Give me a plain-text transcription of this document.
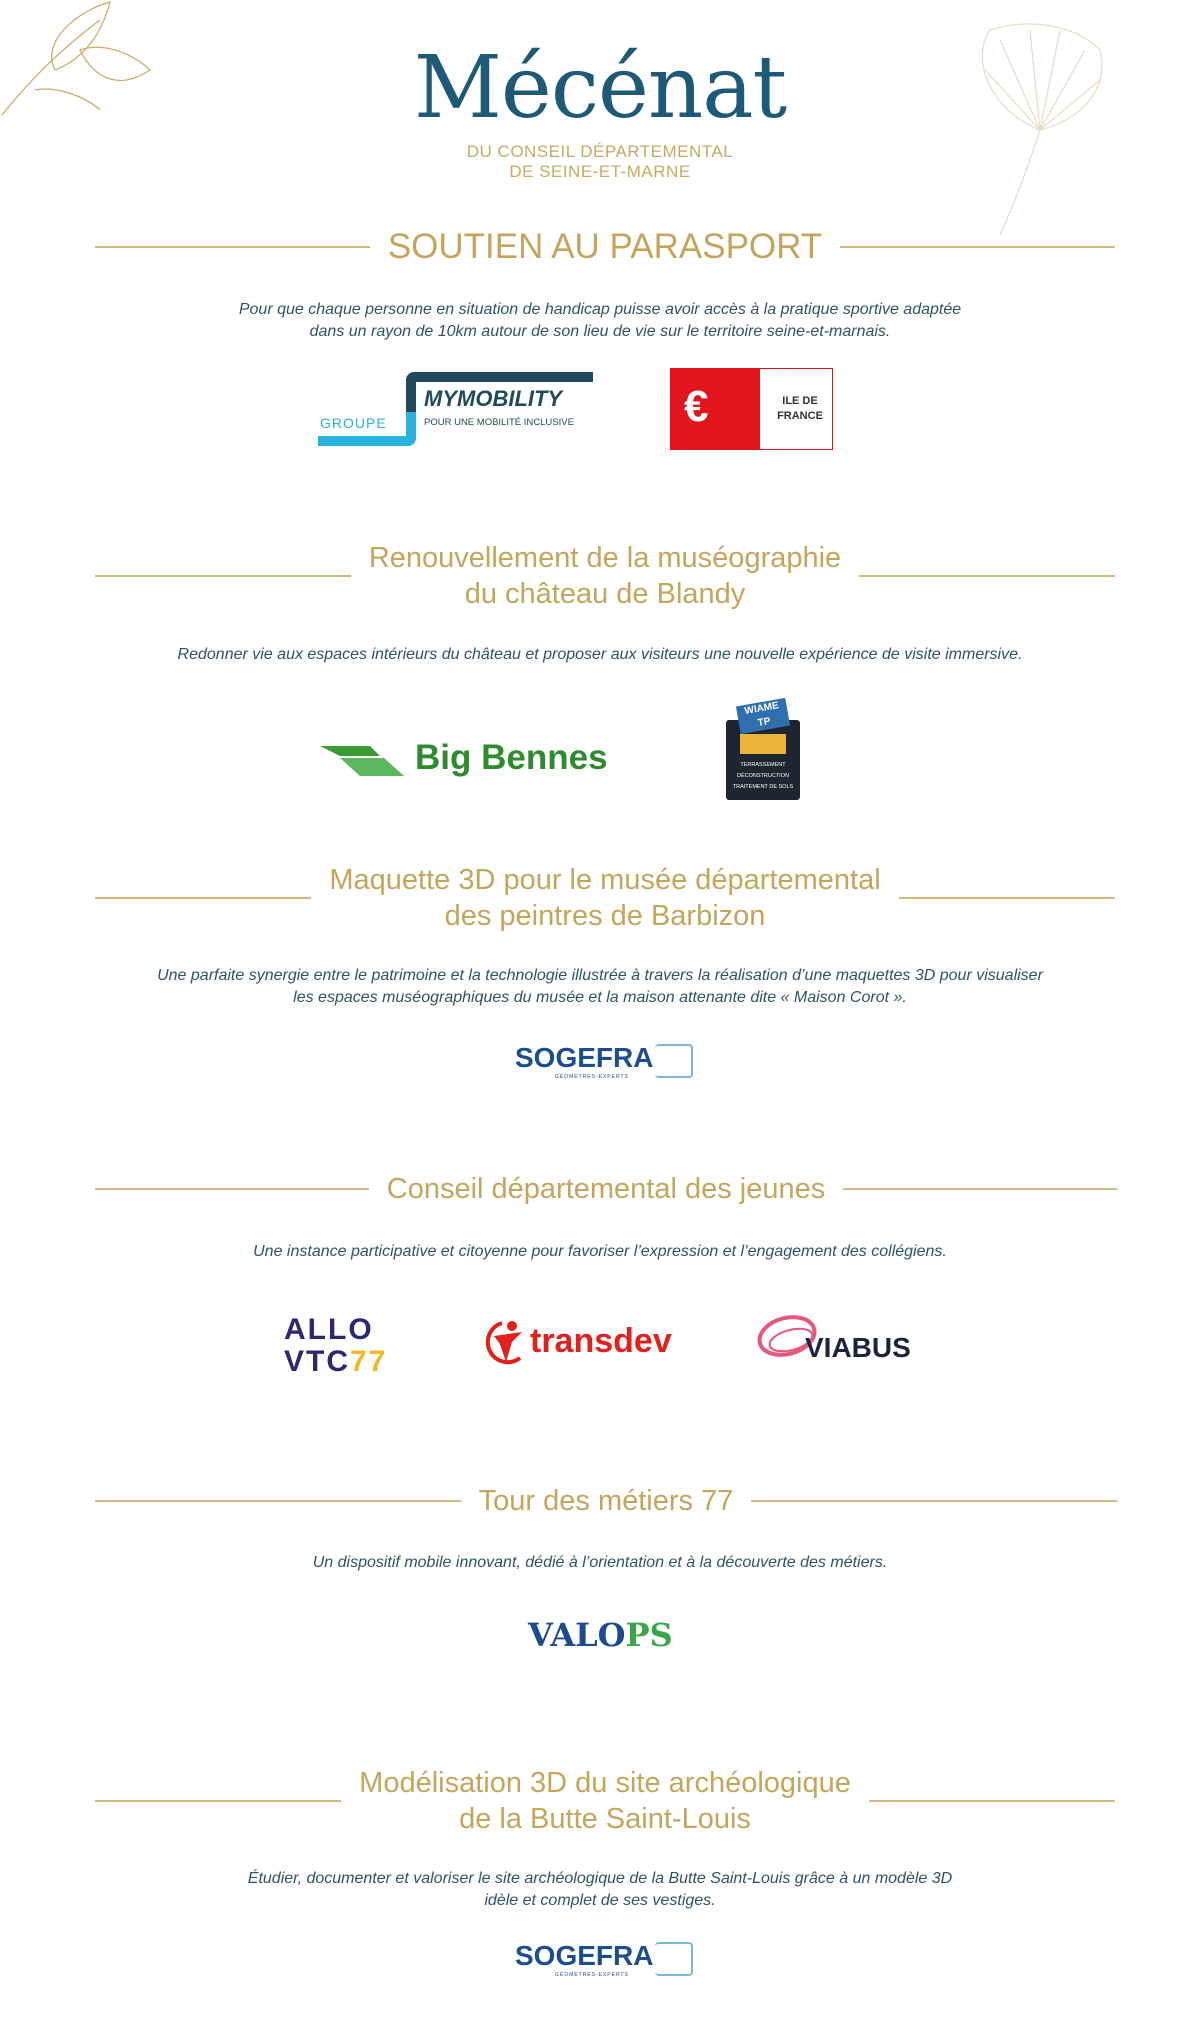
Mécénat
DU CONSEIL DÉPARTEMENTAL
DE SEINE-ET-MARNE
SOUTIEN AU PARASPORT
Pour que chaque personne en situation de handicap puisse avoir accès à la pratique sportive adaptée
dans un rayon de 10km autour de son lieu de vie sur le territoire seine-et-marnais.
MYMOBILITY
GROUPE	POUR UNE MOBILITÉ INCLUSIVE	€	ILE DE
FRANCE
Renouvellement de la muséographie
du château de Blandy
Redonner vie aux espaces intérieurs du château et proposer aux visiteurs une nouvelle expérience de visite immersive.
Big Bennes
WIAME
TP
TERRASSEMENT
DÉCONSTRUCTION
TRAITEMENT DE SOLS
Maquette 3D pour le musée départemental
des peintres de Barbizon
Une parfaite synergie entre le patrimoine et la technologie illustrée à travers la réalisation d’une maquettes 3D pour visualiser
les espaces muséographiques du musée et la maison attenante dite « Maison Corot ».
SOGEFRA
GÉOMÈTRES-EXPERTS
Conseil départemental des jeunes
Une instance participative et citoyenne pour favoriser l’expression et l’engagement des collégiens.
ALLO
VTC77
transdev	VIABUS
Tour des métiers 77
Un dispositif mobile innovant, dédié à l’orientation et à la découverte des métiers.
VALOPS
Modélisation 3D du site archéologique
de la Butte Saint-Louis
Étudier, documenter et valoriser le site archéologique de la Butte Saint-Louis grâce à un modèle 3D
idèle et complet de ses vestiges.
SOGEFRA
GÉOMÈTRES-EXPERTS
